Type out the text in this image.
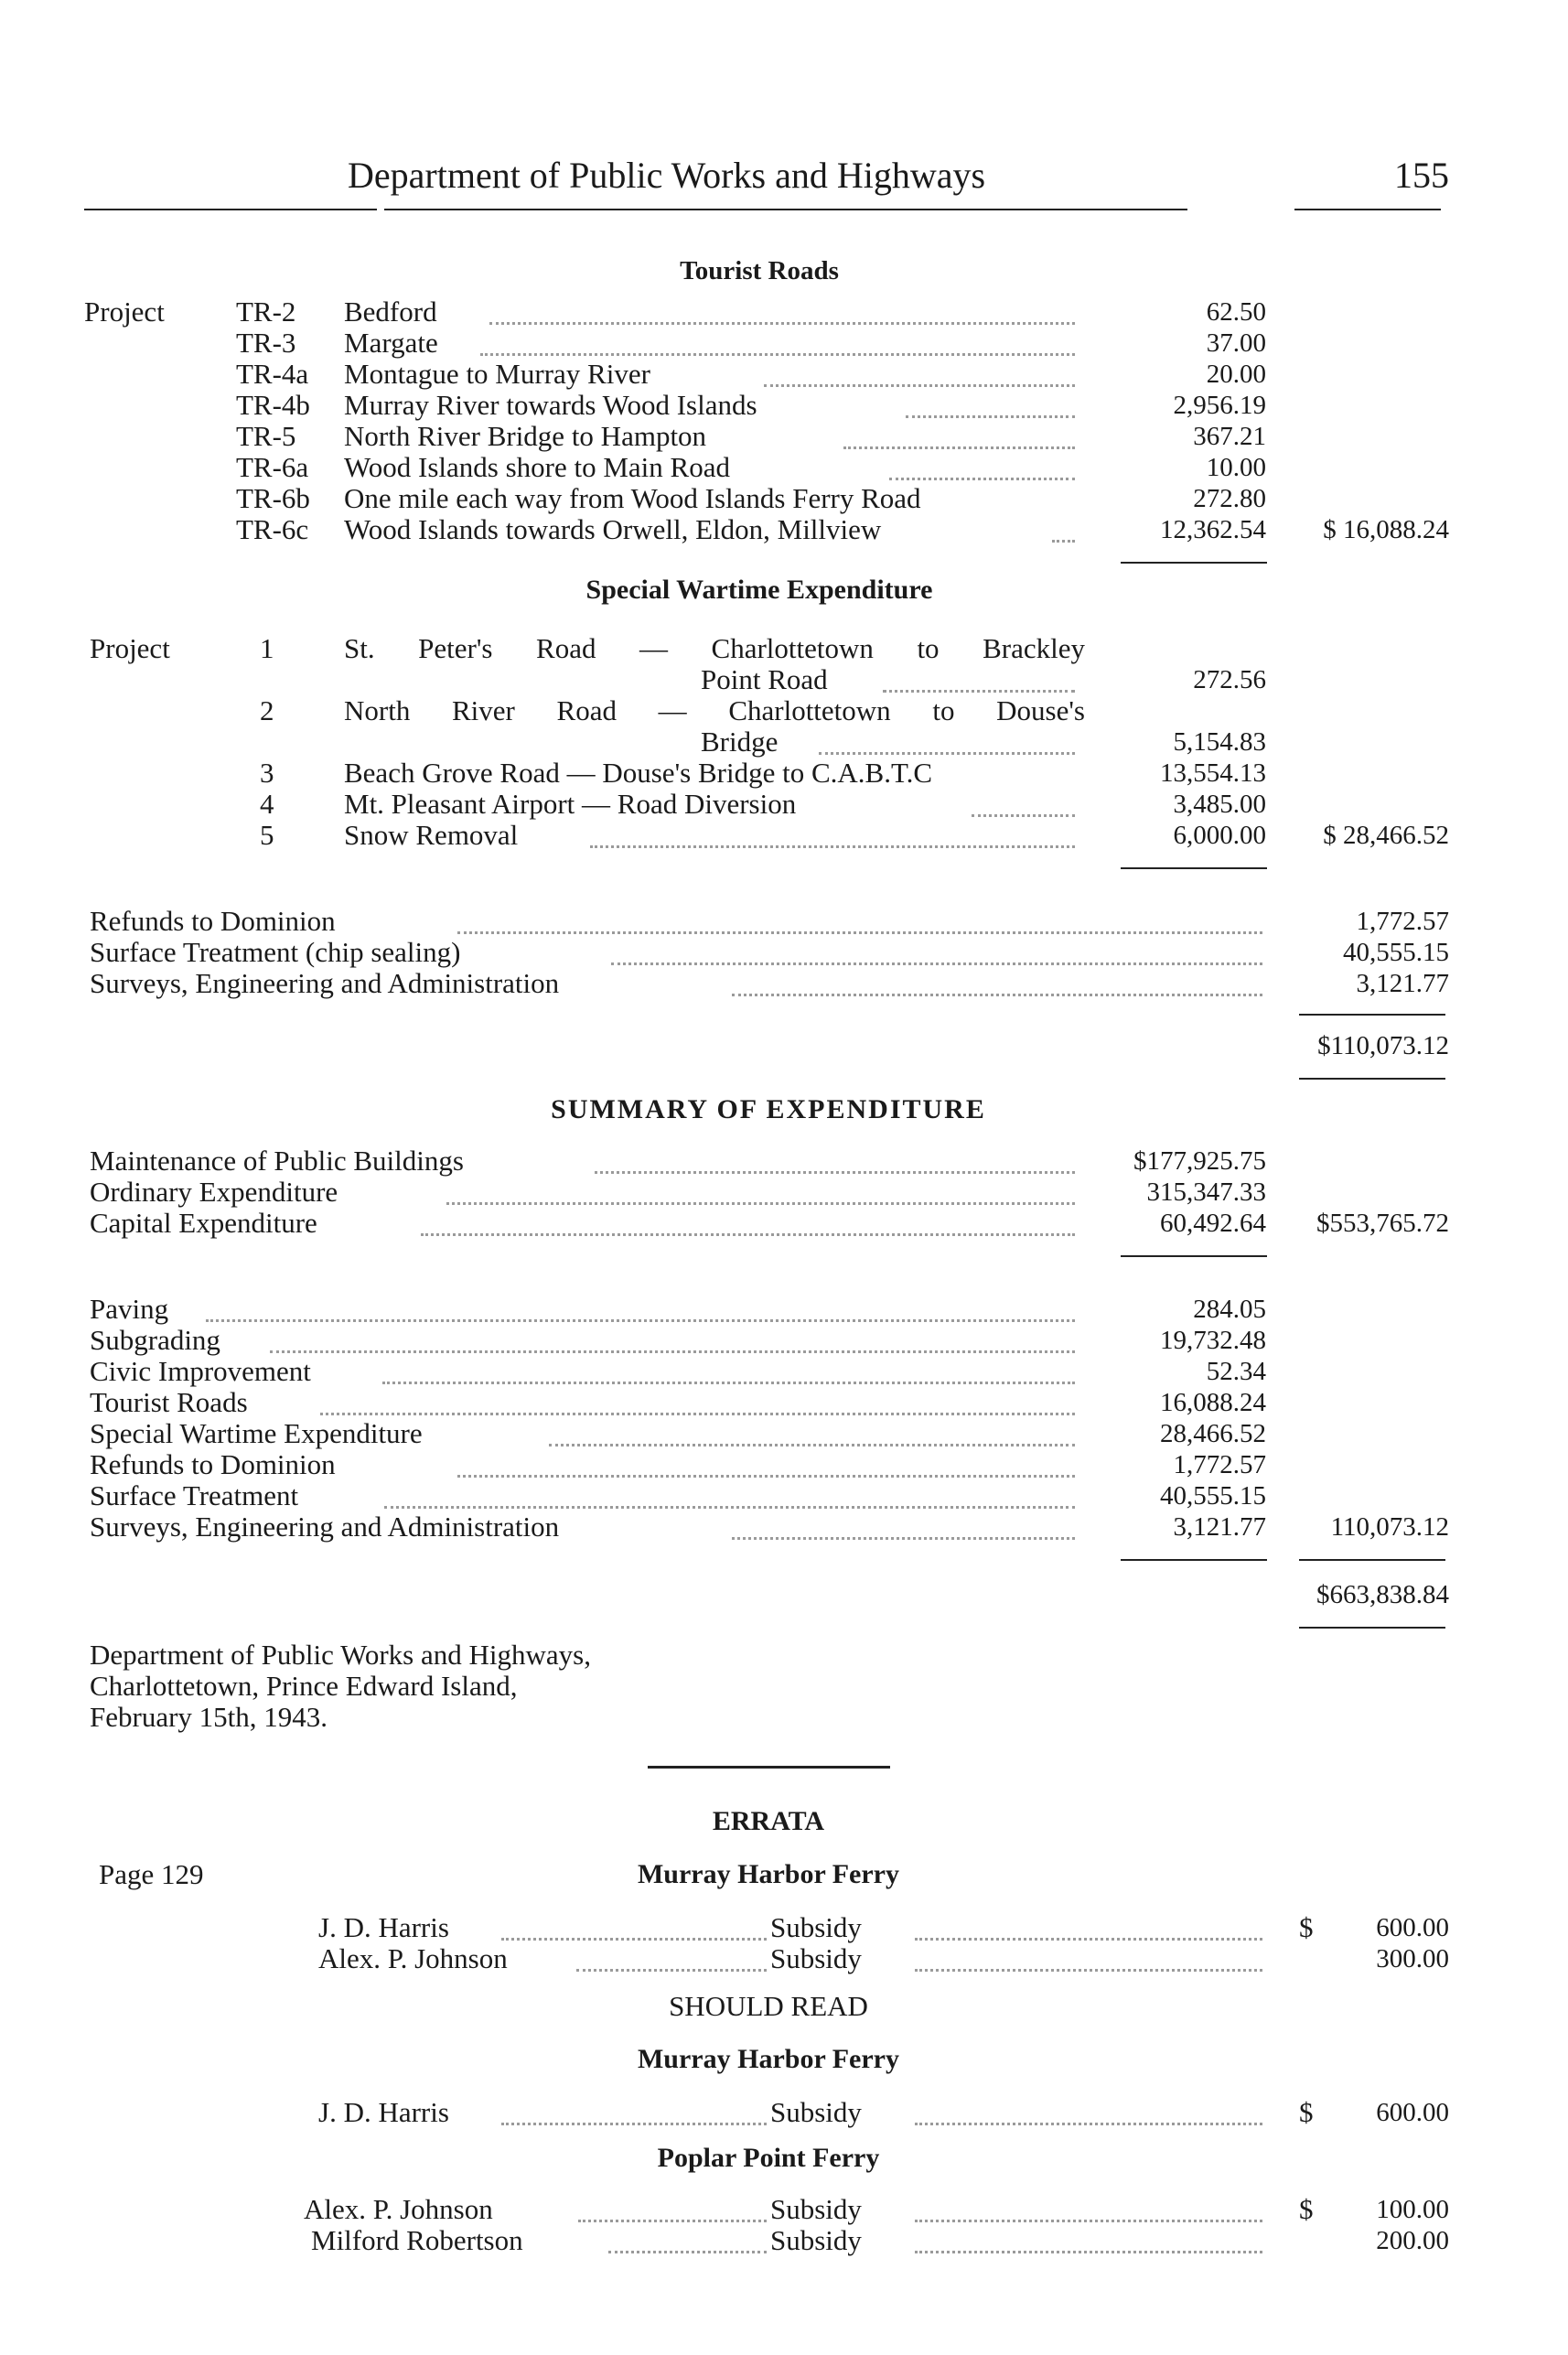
Department of Public Works and Highways	155
Tourist Roads
Project	TR-2 Bedford	62.50
TR-3 Margate	37.00
TR-4a Montague to Murray River	20.00
TR-4b Murray River towards Wood Islands	2,956.19
TR-5 North River Bridge to Hampton	367.21
TR-6a Wood Islands shore to Main Road	10.00
TR-6b One mile each way from Wood Islands Ferry Road	272.80
TR-6c Wood Islands towards Orwell, Eldon, Millview	12,362.54 $ 16,088.24
Special Wartime Expenditure
Project	1 St. Peter's Road — Charlottetown to Brackley
Point Road	272.56
2 North River Road — Charlottetown to Douse's
Bridge	5,154.83
3 Beach Grove Road — Douse's Bridge to C.A.B.T.C	13,554.13
4 Mt. Pleasant Airport — Road Diversion	3,485.00
5 Snow Removal	6,000.00 $ 28,466.52
Refunds to Dominion	1,772.57
Surface Treatment (chip sealing)	40,555.15
Surveys, Engineering and Administration	3,121.77
$110,073.12
SUMMARY OF EXPENDITURE
Maintenance of Public Buildings	$177,925.75
Ordinary Expenditure	315,347.33
Capital Expenditure	60,492.64 $553,765.72
Paving	284.05
Subgrading	19,732.48
Civic Improvement	52.34
Tourist Roads	16,088.24
Special Wartime Expenditure	28,466.52
Refunds to Dominion	1,772.57
Surface Treatment	40,555.15
Surveys, Engineering and Administration	3,121.77 110,073.12
$663,838.84
Department of Public Works and Highways,
Charlottetown, Prince Edward Island,
February 15th, 1943.
ERRATA
Page 129	Murray Harbor Ferry
J. D. Harris	Subsidy	$ 600.00
Alex. P. Johnson	Subsidy	300.00
SHOULD READ
Murray Harbor Ferry
J. D. Harris	Subsidy	$ 600.00
Poplar Point Ferry
Alex. P. Johnson	Subsidy	$ 100.00
Milford Robertson	Subsidy	200.00
